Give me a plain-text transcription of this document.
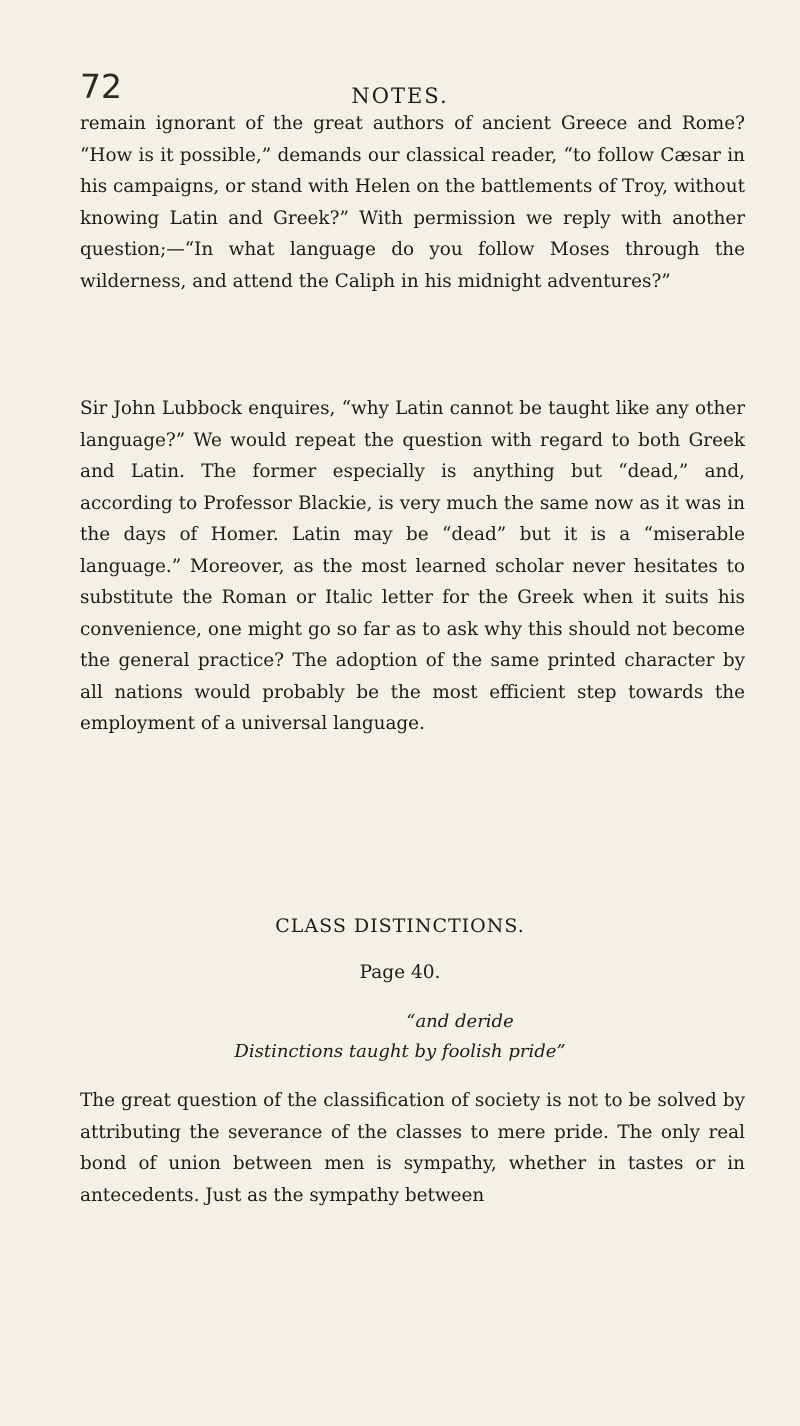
72	NOTES.

remain ignorant of the great authors of ancient Greece and Rome? “How is it possible,” demands our classical reader, “to follow Cæsar in his campaigns, or stand with Helen on the battlements of Troy, without knowing Latin and Greek?” With permission we reply with another question;—“In what language do you follow Moses through the wilderness, and attend the Caliph in his midnight adventures?”

Sir John Lubbock enquires, “why Latin cannot be taught like any other language?” We would repeat the question with regard to both Greek and Latin. The former especially is anything but “dead,” and, according to Professor Blackie, is very much the same now as it was in the days of Homer. Latin may be “dead” but it is a “miserable language.” Moreover, as the most learned scholar never hesitates to substitute the Roman or Italic letter for the Greek when it suits his convenience, one might go so far as to ask why this should not become the general practice? The adoption of the same printed character by all nations would probably be the most efficient step towards the employment of a universal language.

CLASS DISTINCTIONS.
Page 40.
“and deride
Distinctions taught by foolish pride”

The great question of the classification of society is not to be solved by attributing the severance of the classes to mere pride. The only real bond of union between men is sympathy, whether in tastes or in antecedents. Just as the sympathy between
